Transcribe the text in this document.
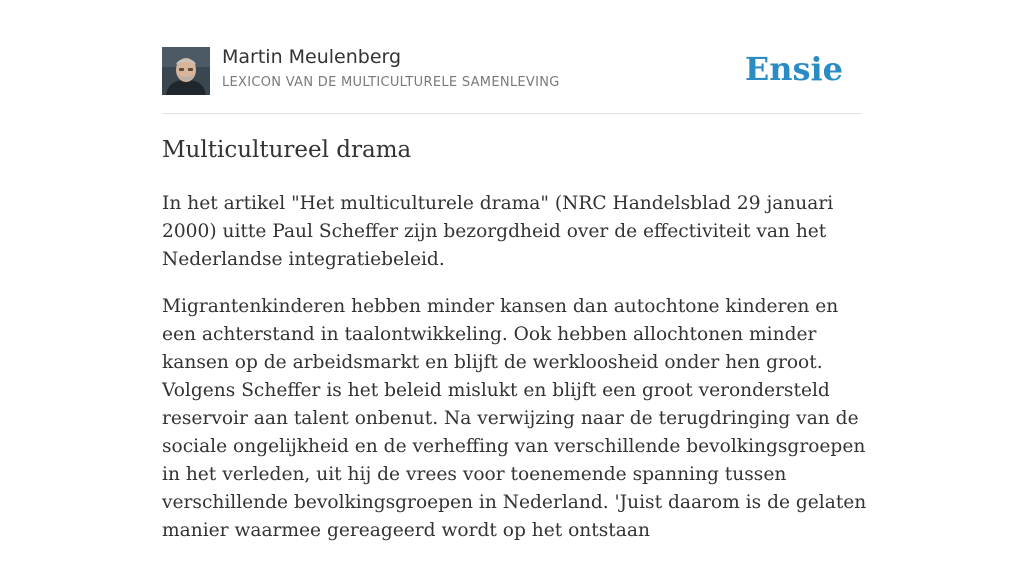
Martin Meulenberg
LEXICON VAN DE MULTICULTURELE SAMENLEVING	Ensie
Multicultureel drama

In het artikel "Het multiculturele drama" (NRC Handelsblad 29 januari 2000) uitte Paul Scheffer zijn bezorgdheid over de effectiviteit van het Nederlandse integratiebeleid.

Migrantenkinderen hebben minder kansen dan autochtone kinderen en een achterstand in taalontwikkeling. Ook hebben allochtonen minder kansen op de arbeidsmarkt en blijft de werkloosheid onder hen groot. Volgens Scheffer is het beleid mislukt en blijft een groot verondersteld reservoir aan talent onbenut. Na verwijzing naar de terugdringing van de sociale ongelijkheid en de verheffing van verschillende bevolkingsgroepen in het verleden, uit hij de vrees voor toenemende spanning tussen verschillende bevolkingsgroepen in Nederland. 'Juist daarom is de gelaten manier waarmee gereageerd wordt op het ontstaan
